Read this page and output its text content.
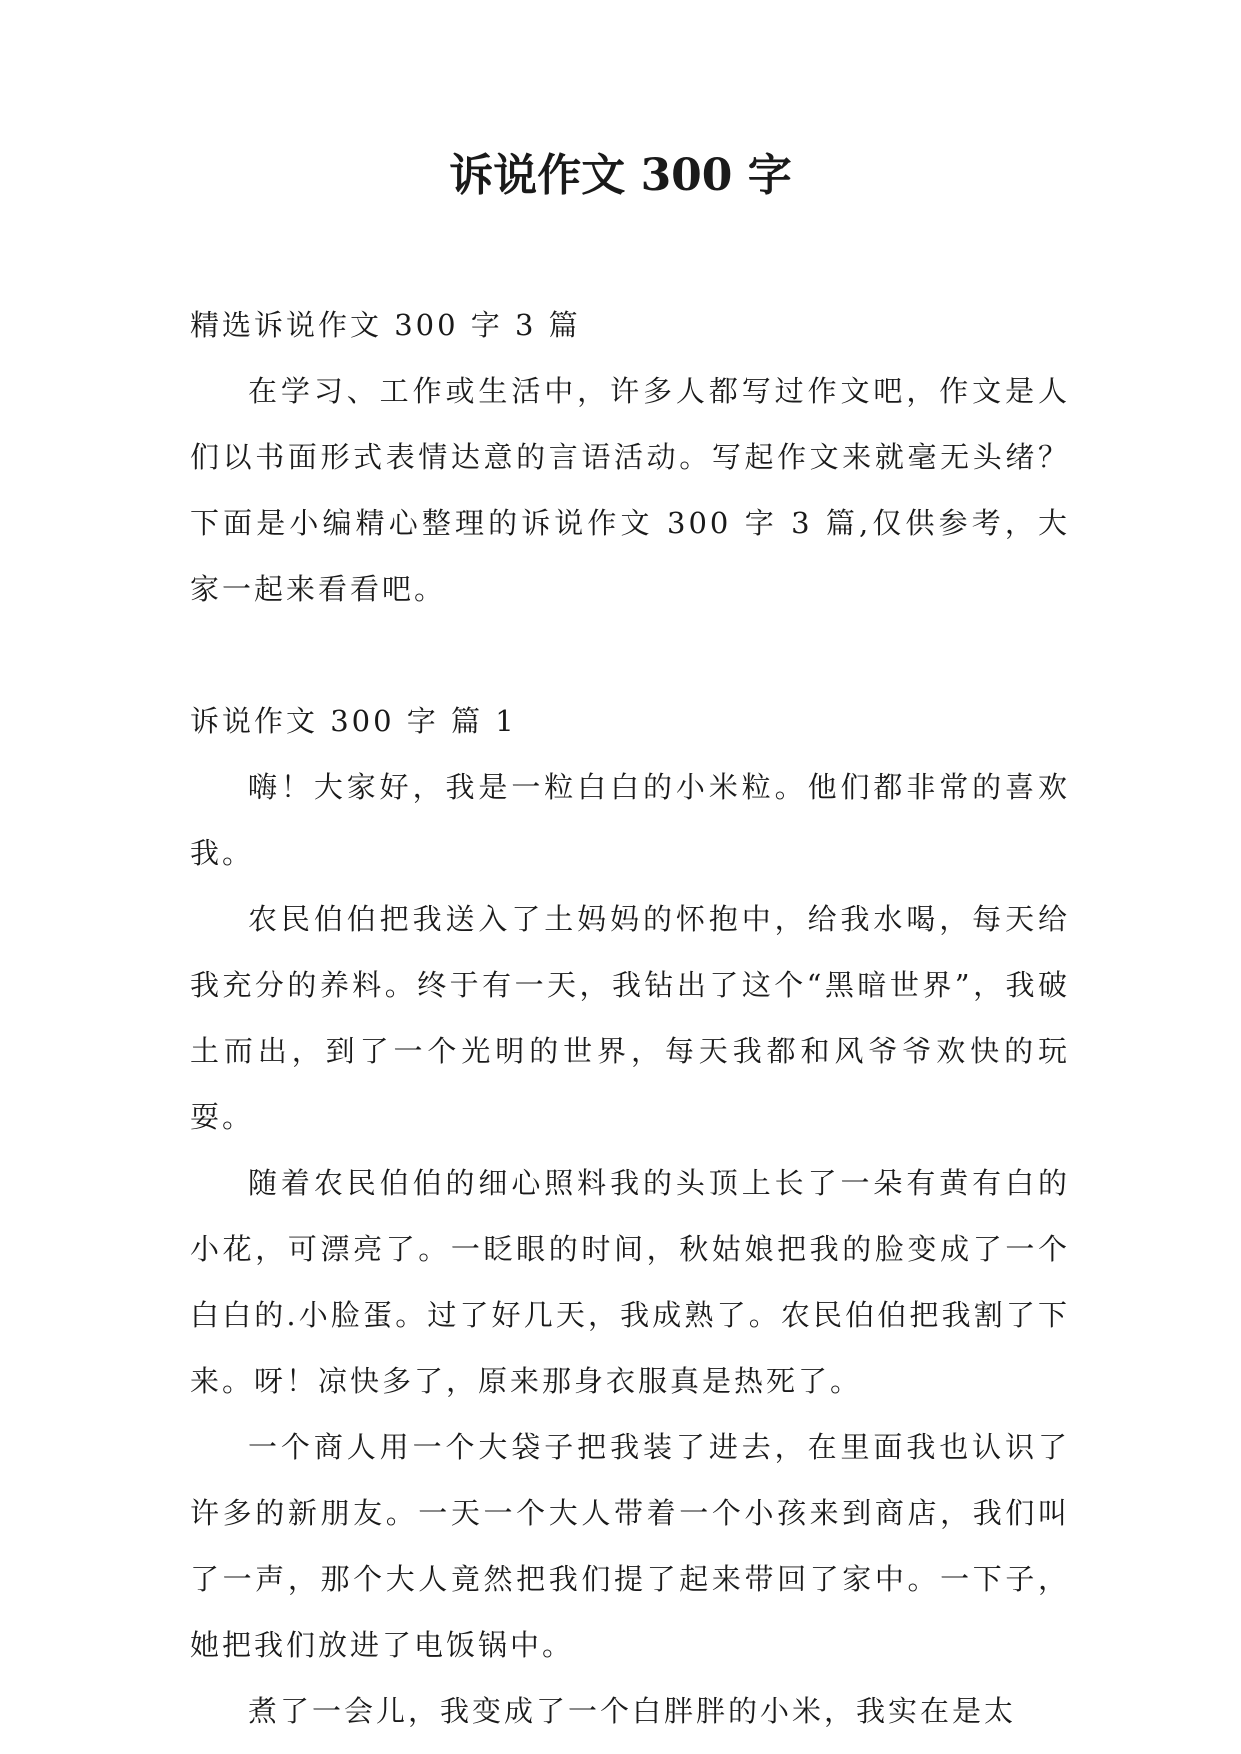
诉说作文 300 字

精选诉说作文 300 字 3 篇

在学习、工作或生活中，许多人都写过作文吧，作文是人们以书面形式表情达意的言语活动。写起作文来就毫无头绪？下面是小编精心整理的诉说作文 300 字 3 篇,仅供参考，大家一起来看看吧。

诉说作文 300 字 篇 1

嗨！大家好，我是一粒白白的小米粒。他们都非常的喜欢我。

农民伯伯把我送入了土妈妈的怀抱中，给我水喝，每天给我充分的养料。终于有一天，我钻出了这个“黑暗世界”，我破土而出，到了一个光明的世界，每天我都和风爷爷欢快的玩耍。

随着农民伯伯的细心照料我的头顶上长了一朵有黄有白的小花，可漂亮了。一眨眼的时间，秋姑娘把我的脸变成了一个白白的.小脸蛋。过了好几天，我成熟了。农民伯伯把我割了下来。呀！凉快多了，原来那身衣服真是热死了。

一个商人用一个大袋子把我装了进去，在里面我也认识了许多的新朋友。一天一个大人带着一个小孩来到商店，我们叫了一声，那个大人竟然把我们提了起来带回了家中。一下子，她把我们放进了电饭锅中。

煮了一会儿，我变成了一个白胖胖的小米，我实在是太
